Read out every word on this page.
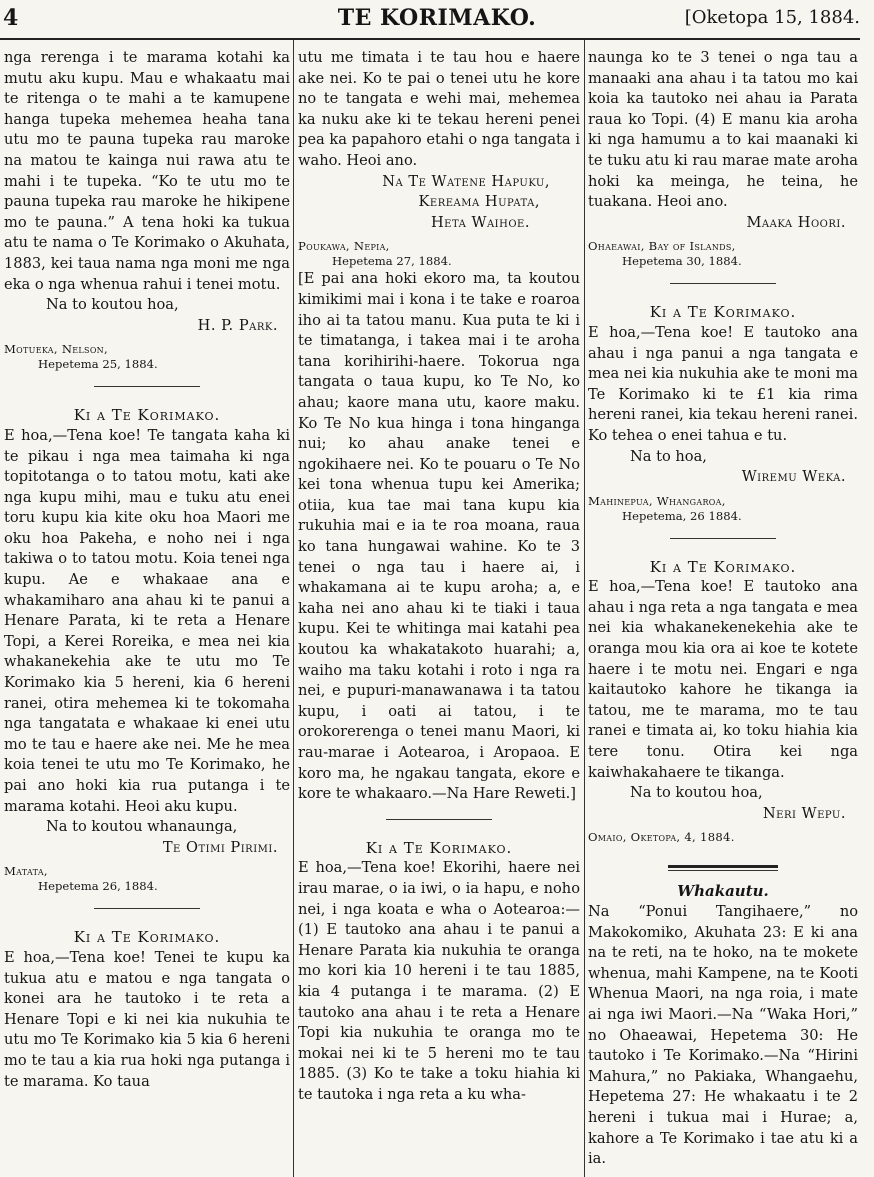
4	TE KORIMAKO.	[Oketopa 15, 1884.

nga rerenga i te marama kotahi ka mutu aku kupu. Mau e whakaatu mai te ritenga o te mahi a te kamupene hanga tupeka mehemea heaha tana utu mo te pauna tupeka rau maroke na matou te kainga nui rawa atu te mahi i te tupeka. “Ko te utu mo te pauna tupeka rau maroke he hikipene mo te pauna.” A tena hoki ka tukua atu te nama o Te Korimako o Akuhata, 1883, kei taua nama nga moni me nga eka o nga whenua rahui i tenei motu.

Na to koutou hoa,

H. P. Park.

Motueka, Nelson,
Hepetema 25, 1884.

Ki a Te Korimako.

E hoa,—Tena koe! Te tangata kaha ki te pikau i nga mea taimaha ki nga topitotanga o to tatou motu, kati ake nga kupu mihi, mau e tuku atu enei toru kupu kia kite oku hoa Maori me oku hoa Pakeha, e noho nei i nga takiwa o to tatou motu. Koia tenei nga kupu. Ae e whakaae ana e whakamiharo ana ahau ki te panui a Henare Parata, ki te reta a Henare Topi, a Kerei Roreika, e mea nei kia whakanekehia ake te utu mo Te Korimako kia 5 hereni, kia 6 hereni ranei, otira mehemea ki te tokomaha nga tangatata e whakaae ki enei utu mo te tau e haere ake nei. Me he mea koia tenei te utu mo Te Korimako, he pai ano hoki kia rua putanga i te marama kotahi. Heoi aku kupu.

Na to koutou whanaunga,

Te Otimi Pirimi.

Matata,
Hepetema 26, 1884.

Ki a Te Korimako.

E hoa,—Tena koe! Tenei te kupu ka tukua atu e matou e nga tangata o konei ara he tautoko i te reta a Henare Topi e ki nei kia nukuhia te utu mo Te Korimako kia 5 kia 6 hereni mo te tau a kia rua hoki nga putanga i te marama. Ko taua

utu me timata i te tau hou e haere ake nei. Ko te pai o tenei utu he kore no te tangata e wehi mai, mehemea ka nuku ake ki te tekau hereni penei pea ka papahoro etahi o nga tangata i waho. Heoi ano.

Na Te Watene Hapuku,

Kereama Hupata,

Heta Waihoe.

Poukawa, Nepia,
Hepetema 27, 1884.

[E pai ana hoki ekoro ma, ta koutou kimikimi mai i kona i te take e roaroa iho ai ta tatou manu. Kua puta te ki i te timatanga, i takea mai i te aroha tana korihirihi-haere. Tokorua nga tangata o taua kupu, ko Te No, ko ahau; kaore mana utu, kaore maku. Ko Te No kua hinga i tona hinganga nui; ko ahau anake tenei e ngokihaere nei. Ko te pouaru o Te No kei tona whenua tupu kei Amerika; otiia, kua tae mai tana kupu kia rukuhia mai e ia te roa moana, raua ko tana hungawai wahine. Ko te 3 tenei o nga tau i haere ai, i whakamana ai te kupu aroha; a, e kaha nei ano ahau ki te tiaki i taua kupu. Kei te whitinga mai katahi pea koutou ka whakatakoto huarahi; a, waiho ma taku kotahi i roto i nga ra nei, e pupuri-manawanawa i ta tatou kupu, i oati ai tatou, i te orokorerenga o tenei manu Maori, ki rau-marae i Aotearoa, i Aropaoa. E koro ma, he ngakau tangata, ekore e kore te whakaaro.—Na Hare Reweti.]

Ki a Te Korimako.

E hoa,—Tena koe! Ekorihi, haere nei irau marae, o ia iwi, o ia hapu, e noho nei, i nga koata e wha o Aotearoa:—(1) E tautoko ana ahau i te panui a Henare Parata kia nukuhia te oranga mo kori kia 10 hereni i te tau 1885, kia 4 putanga i te marama. (2) E tautoko ana ahau i te reta a Henare Topi kia nukuhia te oranga mo te mokai nei ki te 5 hereni mo te tau 1885. (3) Ko te take a toku hiahia ki te tautoka i nga reta a ku wha-

naunga ko te 3 tenei o nga tau a manaaki ana ahau i ta tatou mo kai koia ka tautoko nei ahau ia Parata raua ko Topi. (4) E manu kia aroha ki nga hamumu a to kai maanaki ki te tuku atu ki rau marae mate aroha hoki ka meinga, he teina, he tuakana. Heoi ano.

Maaka Hoori.

Ohaeawai, Bay of Islands,
Hepetema 30, 1884.

Ki a Te Korimako.

E hoa,—Tena koe! E tautoko ana ahau i nga panui a nga tangata e mea nei kia nukuhia ake te moni ma Te Korimako ki te £1 kia rima hereni ranei, kia tekau hereni ranei. Ko tehea o enei tahua e tu.

Na to hoa,

Wiremu Weka.

Mahinepua, Whangaroa,
Hepetema, 26 1884.

Ki a Te Korimako.

E hoa,—Tena koe! E tautoko ana ahau i nga reta a nga tangata e mea nei kia whakanekenekehia ake te oranga mou kia ora ai koe te kotete haere i te motu nei. Engari e nga kaitautoko kahore he tikanga ia tatou, me te marama, mo te tau ranei e timata ai, ko toku hiahia kia tere tonu. Otira kei nga kaiwhakahaere te tikanga.

Na to koutou hoa,

Neri Wepu.

Omaio, Oketopa, 4, 1884.

Whakautu.

Na “Ponui Tangihaere,” no Makokomiko, Akuhata 23: E ki ana na te reti, na te hoko, na te mokete whenua, mahi Kampene, na te Kooti Whenua Maori, na nga roia, i mate ai nga iwi Maori.—Na “Waka Hori,” no Ohaeawai, Hepetema 30: He tautoko i Te Korimako.—Na “Hirini Mahura,” no Pakiaka, Whangaehu, Hepetema 27: He whakaatu i te 2 hereni i tukua mai i Hurae; a, kahore a Te Korimako i tae atu ki a ia.
